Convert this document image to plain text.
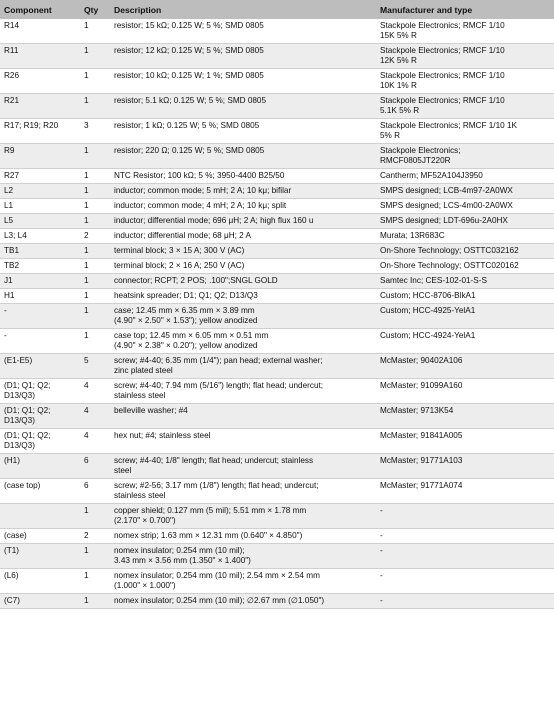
Component	Qty	Description	Manufacturer and type
R14	1	resistor; 15 kΩ; 0.125 W; 5 %; SMD 0805	Stackpole Electronics; RMCF 1/10
15K 5% R
R11	1	resistor; 12 kΩ; 0.125 W; 5 %; SMD 0805	Stackpole Electronics; RMCF 1/10
12K 5% R
R26	1	resistor; 10 kΩ; 0.125 W; 1 %; SMD 0805	Stackpole Electronics; RMCF 1/10
10K 1% R
R21	1	resistor; 5.1 kΩ; 0.125 W; 5 %; SMD 0805	Stackpole Electronics; RMCF 1/10
5.1K 5% R
R17; R19; R20	3	resistor; 1 kΩ; 0.125 W; 5 %; SMD 0805	Stackpole Electronics; RMCF 1/10 1K
5% R
R9	1	resistor; 220 Ω; 0.125 W; 5 %; SMD 0805	Stackpole Electronics;
RMCF0805JT220R
R27	1	NTC Resistor; 100 kΩ; 5 %; 3950-4400 B25/50	Cantherm; MF52A104J3950
L2	1	inductor; common mode; 5 mH; 2 A; 10 kμ; bifilar	SMPS designed; LCB-4m97-2A0WX
L1	1	inductor; common mode; 4 mH; 2 A; 10 kμ; split	SMPS designed; LCS-4m00-2A0WX
L5	1	inductor; differential mode; 696 μH; 2 A; high flux 160 u	SMPS designed; LDT-696u-2A0HX
L3; L4	2	inductor; differential mode; 68 μH; 2 A	Murata; 13R683C
TB1	1	terminal block; 3 × 15 A; 300 V (AC)	On-Shore Technology; OSTTC032162
TB2	1	terminal block; 2 × 16 A; 250 V (AC)	On-Shore Technology; OSTTC020162
J1	1	connector; RCPT; 2 POS; .100";SNGL GOLD	Samtec Inc; CES-102-01-S-S
H1	1	heatsink spreader; D1; Q1; Q2; D13/Q3	Custom; HCC-8706-BlkA1
-	1	case; 12.45 mm × 6.35 mm × 3.89 mm
(4.90" × 2.50" × 1.53"); yellow anodized	Custom; HCC-4925-YelA1
-	1	case top; 12.45 mm × 6.05 mm × 0.51 mm
(4.90" × 2.38" × 0.20"); yellow anodized	Custom; HCC-4924-YelA1
(E1-E5)	5	screw; #4-40; 6.35 mm (1/4"); pan head; external washer;
zinc plated steel	McMaster; 90402A106
(D1; Q1; Q2;
D13/Q3)	4	screw; #4-40; 7.94 mm (5/16") length; flat head; undercut;
stainless steel	McMaster; 91099A160
(D1; Q1; Q2;
D13/Q3)	4	belleville washer; #4	McMaster; 9713K54
(D1; Q1; Q2;
D13/Q3)	4	hex nut; #4; stainless steel	McMaster; 91841A005
(H1)	6	screw; #4-40; 1/8" length; flat head; undercut; stainless
steel	McMaster; 91771A103
(case top)	6	screw; #2-56; 3.17 mm (1/8") length; flat head; undercut;
stainless steel	McMaster; 91771A074
	1	copper shield; 0.127 mm (5 mil); 5.51 mm × 1.78 mm
(2.170" × 0.700")	-
(case)	2	nomex strip; 1.63 mm × 12.31 mm (0.640" × 4.850")	-
(T1)	1	nomex insulator; 0.254 mm (10 mil);
3.43 mm × 3.56 mm (1.350" × 1.400")	-
(L6)	1	nomex insulator; 0.254 mm (10 mil); 2.54 mm × 2.54 mm
(1.000" × 1.000")	-
(C7)	1	nomex insulator; 0.254 mm (10 mil); ∅2.67 mm (∅1.050")	-
